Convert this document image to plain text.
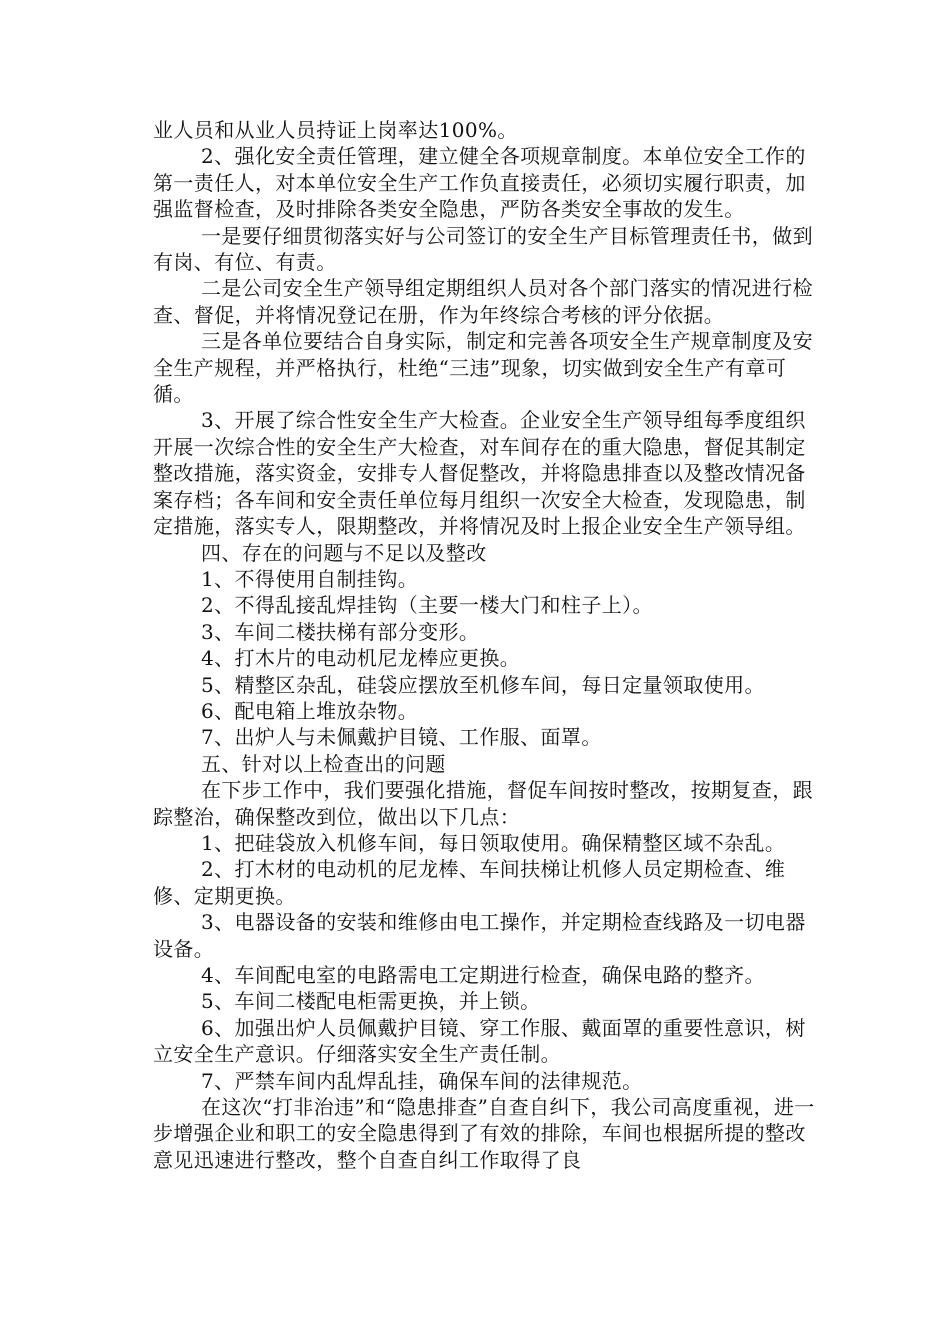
业人员和从业人员持证上岗率达100%。

2、强化安全责任管理，建立健全各项规章制度。本单位安全工作的第一责任人，对本单位安全生产工作负直接责任，必须切实履行职责，加强监督检查，及时排除各类安全隐患，严防各类安全事故的发生。

一是要仔细贯彻落实好与公司签订的安全生产目标管理责任书，做到有岗、有位、有责。

二是公司安全生产领导组定期组织人员对各个部门落实的情况进行检查、督促，并将情况登记在册，作为年终综合考核的评分依据。

三是各单位要结合自身实际，制定和完善各项安全生产规章制度及安全生产规程，并严格执行，杜绝“三违”现象，切实做到安全生产有章可循。

3、开展了综合性安全生产大检查。企业安全生产领导组每季度组织开展一次综合性的安全生产大检查，对车间存在的重大隐患，督促其制定整改措施，落实资金，安排专人督促整改，并将隐患排查以及整改情况备案存档；各车间和安全责任单位每月组织一次安全大检查，发现隐患，制定措施，落实专人，限期整改，并将情况及时上报企业安全生产领导组。

四、存在的问题与不足以及整改

1、不得使用自制挂钩。

2、不得乱接乱焊挂钩（主要一楼大门和柱子上）。

3、车间二楼扶梯有部分变形。

4、打木片的电动机尼龙棒应更换。

5、精整区杂乱，硅袋应摆放至机修车间，每日定量领取使用。

6、配电箱上堆放杂物。

7、出炉人与未佩戴护目镜、工作服、面罩。

五、针对以上检查出的问题

在下步工作中，我们要强化措施，督促车间按时整改，按期复查，跟踪整治，确保整改到位，做出以下几点：

1、把硅袋放入机修车间，每日领取使用。确保精整区域不杂乱。

2、打木材的电动机的尼龙棒、车间扶梯让机修人员定期检查、维修、定期更换。

3、电器设备的安装和维修由电工操作，并定期检查线路及一切电器设备。

4、车间配电室的电路需电工定期进行检查，确保电路的整齐。

5、车间二楼配电柜需更换，并上锁。

6、加强出炉人员佩戴护目镜、穿工作服、戴面罩的重要性意识，树立安全生产意识。仔细落实安全生产责任制。

7、严禁车间内乱焊乱挂，确保车间的法律规范。

在这次“打非治违”和“隐患排查”自查自纠下，我公司高度重视，进一步增强企业和职工的安全隐患得到了有效的排除，车间也根据所提的整改意见迅速进行整改，整个自查自纠工作取得了良
